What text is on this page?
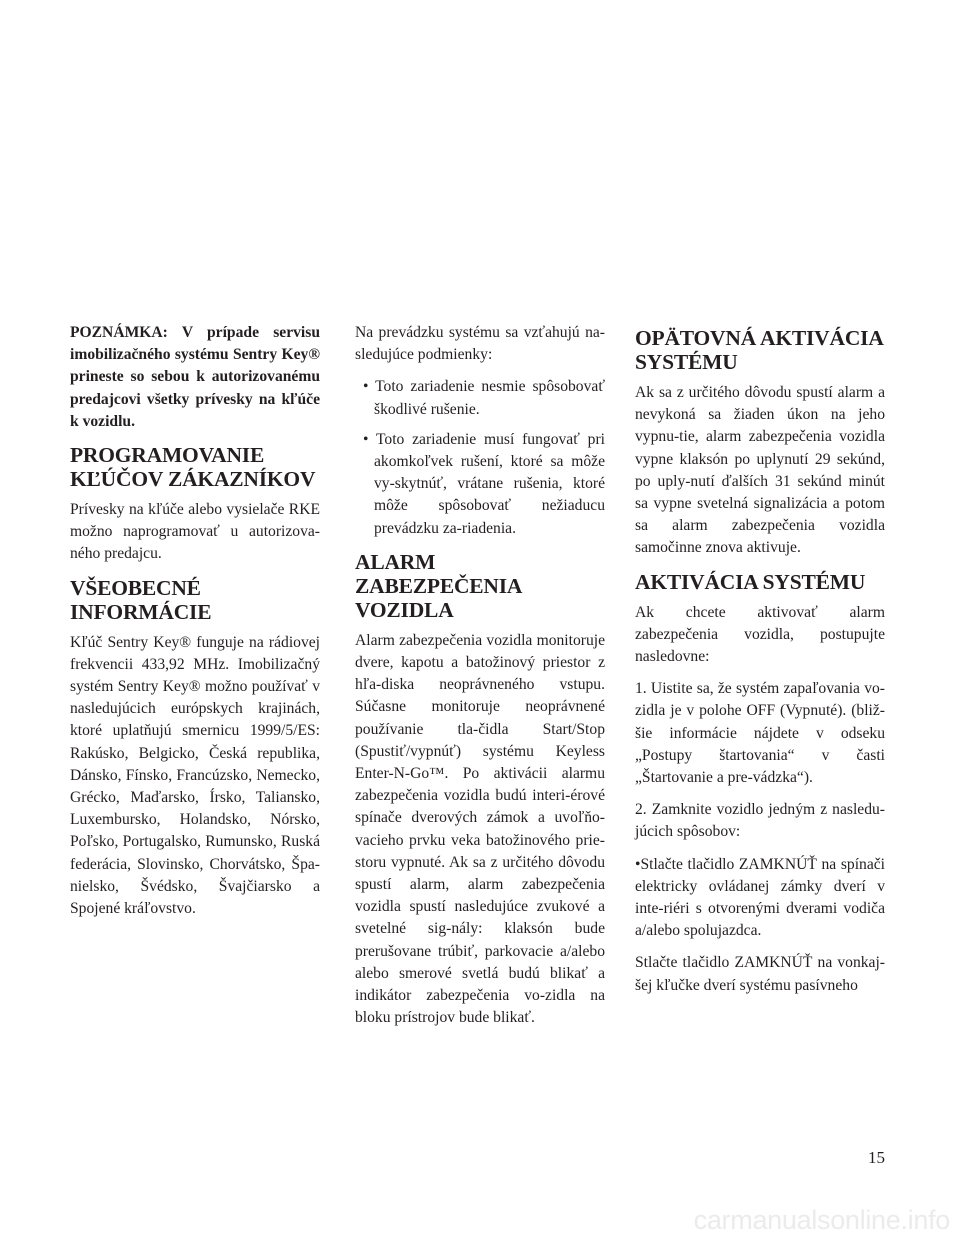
POZNÁMKA: V prípade servisu imobilizačného systému Sentry Key® prineste so sebou k autorizovanému predajcovi všetky prívesky na kľúče k vozidlu.

PROGRAMOVANIE KĽÚČOV ZÁKAZNÍKOV

Prívesky na kľúče alebo vysielače RKE možno naprogramovať u autorizova-ného predajcu.

VŠEOBECNÉ INFORMÁCIE

Kľúč Sentry Key® funguje na rádiovej frekvencii 433,92 MHz. Imobilizačný systém Sentry Key® možno používať v nasledujúcich európskych krajinách, ktoré uplatňujú smernicu 1999/5/ES: Rakúsko, Belgicko, Česká republika, Dánsko, Fínsko, Francúzsko, Nemecko, Grécko, Maďarsko, Írsko, Taliansko, Luxembursko, Holandsko, Nórsko, Poľsko, Portugalsko, Rumunsko, Ruská federácia, Slovinsko, Chorvátsko, Špa-nielsko, Švédsko, Švajčiarsko a Spojené kráľovstvo.

Na prevádzku systému sa vzťahujú na-sledujúce podmienky:

• Toto zariadenie nesmie spôsobovať škodlivé rušenie.
• Toto zariadenie musí fungovať pri akomkoľvek rušení, ktoré sa môže vy-skytnúť, vrátane rušenia, ktoré môže spôsobovať nežiaducu prevádzku za-riadenia.
ALARM ZABEZPEČENIA VOZIDLA

Alarm zabezpečenia vozidla monitoruje dvere, kapotu a batožinový priestor z hľa-diska neoprávneného vstupu. Súčasne monitoruje neoprávnené používanie tla-čidla Start/Stop (Spustiť/vypnúť) systému Keyless Enter-N-Go™. Po aktivácii alarmu zabezpečenia vozidla budú interi-érové spínače dverových zámok a uvoľňo-vacieho prvku veka batožinového prie-storu vypnuté. Ak sa z určitého dôvodu spustí alarm, alarm zabezpečenia vozidla spustí nasledujúce zvukové a svetelné sig-nály: klaksón bude prerušovane trúbiť, parkovacie a/alebo alebo smerové svetlá budú blikať a indikátor zabezpečenia vo-zidla na bloku prístrojov bude blikať.

OPÄTOVNÁ AKTIVÁCIA SYSTÉMU

Ak sa z určitého dôvodu spustí alarm a nevykoná sa žiaden úkon na jeho vypnu-tie, alarm zabezpečenia vozidla vypne klaksón po uplynutí 29 sekúnd, po uply-nutí ďalších 31 sekúnd minút sa vypne svetelná signalizácia a potom sa alarm zabezpečenia vozidla samočinne znova aktivuje.

AKTIVÁCIA SYSTÉMU

Ak chcete aktivovať alarm zabezpečenia vozidla, postupujte nasledovne:

1. Uistite sa, že systém zapaľovania vo-zidla je v polohe OFF (Vypnuté). (bliž-šie informácie nájdete v odseku „Postupy štartovania“ v časti „Štartovanie a pre-vádzka“).

2. Zamknite vozidlo jedným z nasledu-júcich spôsobov:

•Stlačte tlačidlo ZAMKNÚŤ na spínači elektricky ovládanej zámky dverí v inte-riéri s otvorenými dverami vodiča a/alebo spolujazdca.

Stlačte tlačidlo ZAMKNÚŤ na vonkaj-šej kľučke dverí systému pasívneho

15
carmanualsonline.info
